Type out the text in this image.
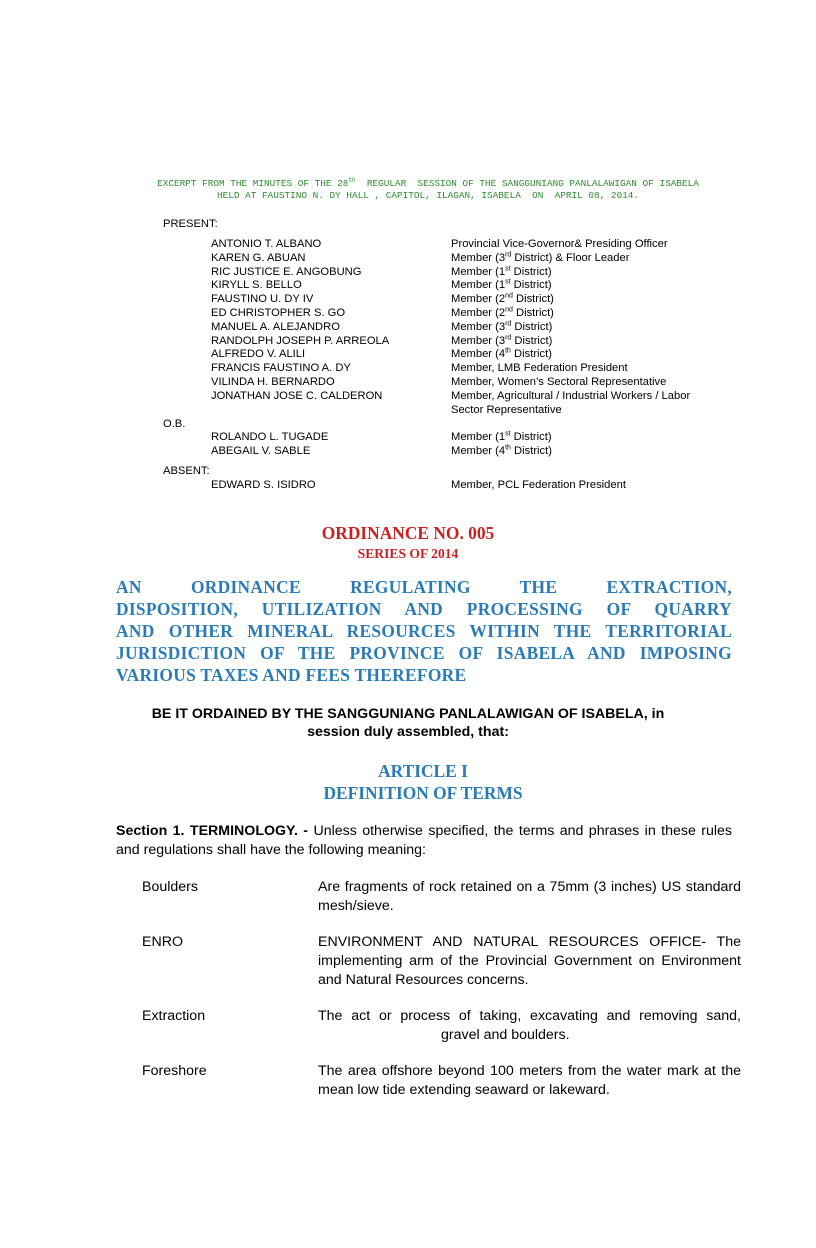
EXCERPT FROM THE MINUTES OF THE 28th  REGULAR  SESSION OF THE SANGGUNIANG PANLALAWIGAN OF ISABELA
HELD AT FAUSTINO N. DY HALL , CAPITOL, ILAGAN, ISABELA  ON  APRIL 08, 2014.
PRESENT:
ANTONIO T. ALBANO	Provincial Vice-Governor& Presiding Officer
KAREN G. ABUAN	Member (3rd District) & Floor Leader
RIC JUSTICE E. ANGOBUNG	Member (1st District)
KIRYLL S. BELLO	Member (1st District)
FAUSTINO U. DY IV	Member (2nd District)
ED CHRISTOPHER S. GO	Member (2nd District)
MANUEL A. ALEJANDRO	Member (3rd District)
RANDOLPH JOSEPH P. ARREOLA	Member (3rd District)
ALFREDO V. ALILI	Member (4th District)
FRANCIS FAUSTINO A. DY	Member, LMB Federation President
VILINDA H. BERNARDO	Member, Women’s Sectoral Representative
JONATHAN JOSE C. CALDERON	Member, Agricultural / Industrial Workers / Labor Sector Representative
O.B.
ROLANDO L. TUGADE	Member (1st District)
ABEGAIL V. SABLE	Member (4th District)
ABSENT:
EDWARD S. ISIDRO	Member, PCL Federation President
ORDINANCE NO. 005
SERIES OF 2014
AN ORDINANCE REGULATING THE EXTRACTION,
DISPOSITION, UTILIZATION AND PROCESSING OF QUARRY
AND OTHER MINERAL RESOURCES WITHIN THE TERRITORIAL
JURISDICTION OF THE PROVINCE OF ISABELA AND IMPOSING
VARIOUS TAXES AND FEES THEREFORE
BE IT ORDAINED BY THE SANGGUNIANG PANLALAWIGAN OF ISABELA, in
session duly assembled, that:
ARTICLE I
DEFINITION OF TERMS
Section 1. TERMINOLOGY. - Unless otherwise specified, the terms and phrases in these rules and regulations shall have the following meaning:
Boulders	Are fragments of rock retained on a 75mm (3 inches) US standard mesh/sieve.
ENRO	ENVIRONMENT AND NATURAL RESOURCES OFFICE- The implementing arm of the Provincial Government on Environment and Natural Resources concerns.
Extraction	The act or process of taking, excavating and removing sand,
gravel and boulders.
Foreshore	The area offshore beyond 100 meters from the water mark at the mean low tide extending seaward or lakeward.
